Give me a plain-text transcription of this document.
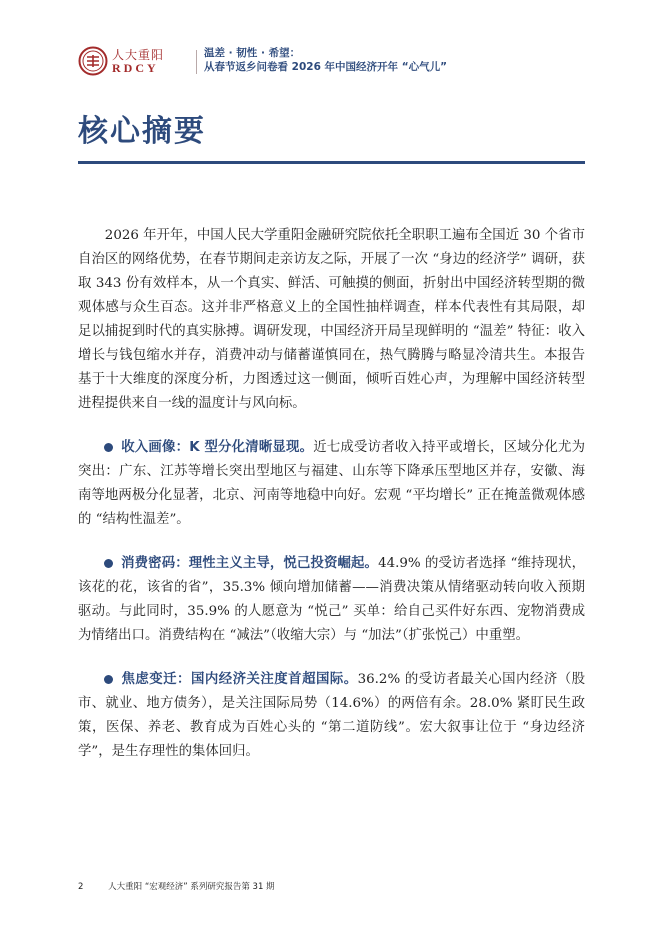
人大重阳
RDCY
温差 · 韧性 · 希望：
从春节返乡问卷看 2026 年中国经济开年 “心气儿”
核心摘要

2026 年开年，中国人民大学重阳金融研究院依托全职职工遍布全国近 30 个省市自治区的网络优势，在春节期间走亲访友之际，开展了一次 “身边的经济学” 调研，获取 343 份有效样本，从一个真实、鲜活、可触摸的侧面，折射出中国经济转型期的微观体感与众生百态。这并非严格意义上的全国性抽样调查，样本代表性有其局限，却足以捕捉到时代的真实脉搏。调研发现，中国经济开局呈现鲜明的 “温差” 特征：收入增长与钱包缩水并存，消费冲动与储蓄谨慎同在，热气腾腾与略显冷清共生。本报告基于十大维度的深度分析，力图透过这一侧面，倾听百姓心声，为理解中国经济转型进程提供来自一线的温度计与风向标。

收入画像：K 型分化清晰显现。近七成受访者收入持平或增长，区域分化尤为突出：广东、江苏等增长突出型地区与福建、山东等下降承压型地区并存，安徽、海南等地两极分化显著，北京、河南等地稳中向好。宏观 “平均增长” 正在掩盖微观体感的 “结构性温差”。

消费密码：理性主义主导，悦己投资崛起。44.9% 的受访者选择 “维持现状，该花的花，该省的省”，35.3% 倾向增加储蓄——消费决策从情绪驱动转向收入预期驱动。与此同时，35.9% 的人愿意为 “悦己” 买单：给自己买件好东西、宠物消费成为情绪出口。消费结构在 “减法”（收缩大宗）与 “加法”（扩张悦己）中重塑。

焦虑变迁：国内经济关注度首超国际。36.2% 的受访者最关心国内经济（股市、就业、地方债务），是关注国际局势（14.6%）的两倍有余。28.0% 紧盯民生政策，医保、养老、教育成为百姓心头的 “第二道防线”。宏大叙事让位于 “身边经济学”，是生存理性的集体回归。

2	人大重阳 “宏观经济” 系列研究报告第 31 期
